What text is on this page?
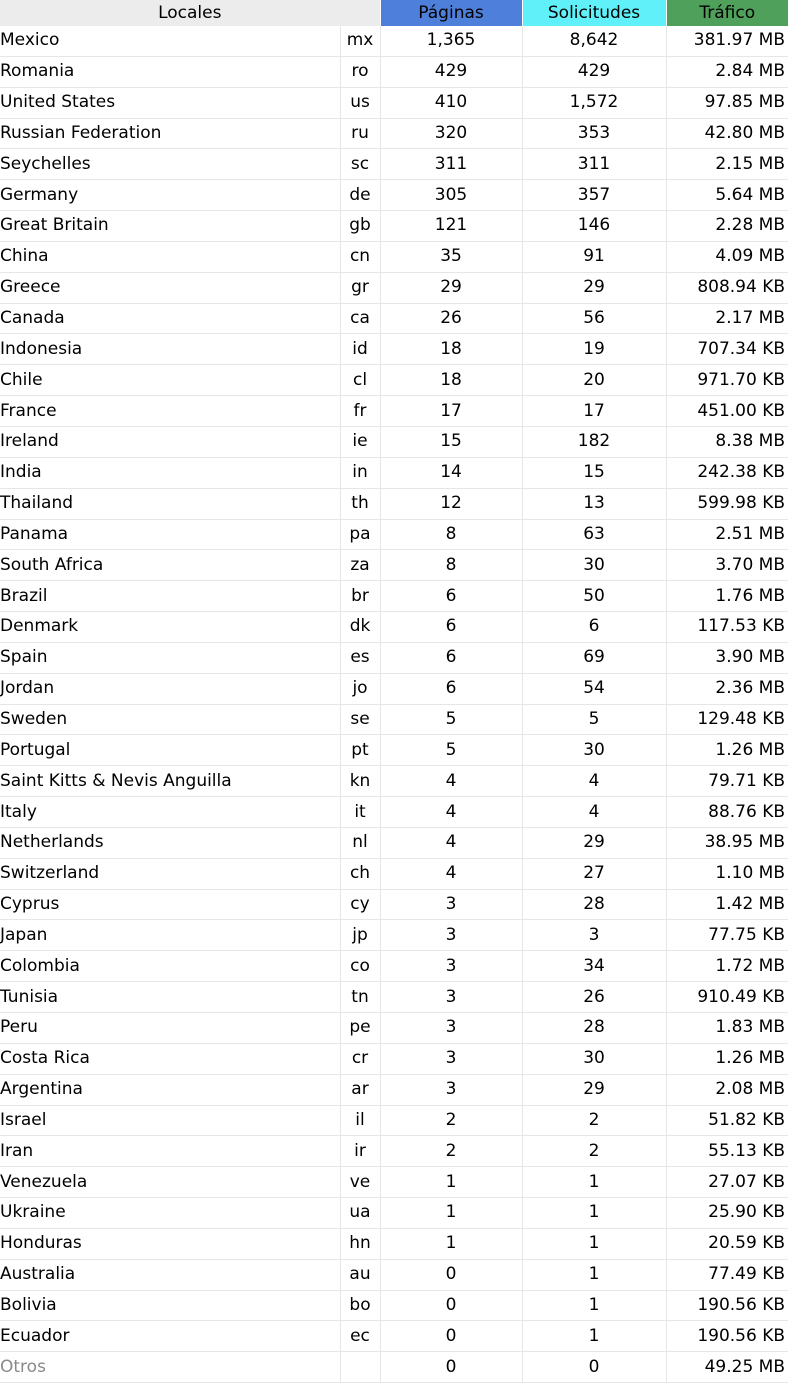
Locales		Páginas	Solicitudes	Tráfico
Mexico	mx	1,365	8,642	381.97 MB
Romania	ro	429	429	2.84 MB
United States	us	410	1,572	97.85 MB
Russian Federation	ru	320	353	42.80 MB
Seychelles	sc	311	311	2.15 MB
Germany	de	305	357	5.64 MB
Great Britain	gb	121	146	2.28 MB
China	cn	35	91	4.09 MB
Greece	gr	29	29	808.94 KB
Canada	ca	26	56	2.17 MB
Indonesia	id	18	19	707.34 KB
Chile	cl	18	20	971.70 KB
France	fr	17	17	451.00 KB
Ireland	ie	15	182	8.38 MB
India	in	14	15	242.38 KB
Thailand	th	12	13	599.98 KB
Panama	pa	8	63	2.51 MB
South Africa	za	8	30	3.70 MB
Brazil	br	6	50	1.76 MB
Denmark	dk	6	6	117.53 KB
Spain	es	6	69	3.90 MB
Jordan	jo	6	54	2.36 MB
Sweden	se	5	5	129.48 KB
Portugal	pt	5	30	1.26 MB
Saint Kitts & Nevis Anguilla	kn	4	4	79.71 KB
Italy	it	4	4	88.76 KB
Netherlands	nl	4	29	38.95 MB
Switzerland	ch	4	27	1.10 MB
Cyprus	cy	3	28	1.42 MB
Japan	jp	3	3	77.75 KB
Colombia	co	3	34	1.72 MB
Tunisia	tn	3	26	910.49 KB
Peru	pe	3	28	1.83 MB
Costa Rica	cr	3	30	1.26 MB
Argentina	ar	3	29	2.08 MB
Israel	il	2	2	51.82 KB
Iran	ir	2	2	55.13 KB
Venezuela	ve	1	1	27.07 KB
Ukraine	ua	1	1	25.90 KB
Honduras	hn	1	1	20.59 KB
Australia	au	0	1	77.49 KB
Bolivia	bo	0	1	190.56 KB
Ecuador	ec	0	1	190.56 KB
Otros		0	0	49.25 MB
